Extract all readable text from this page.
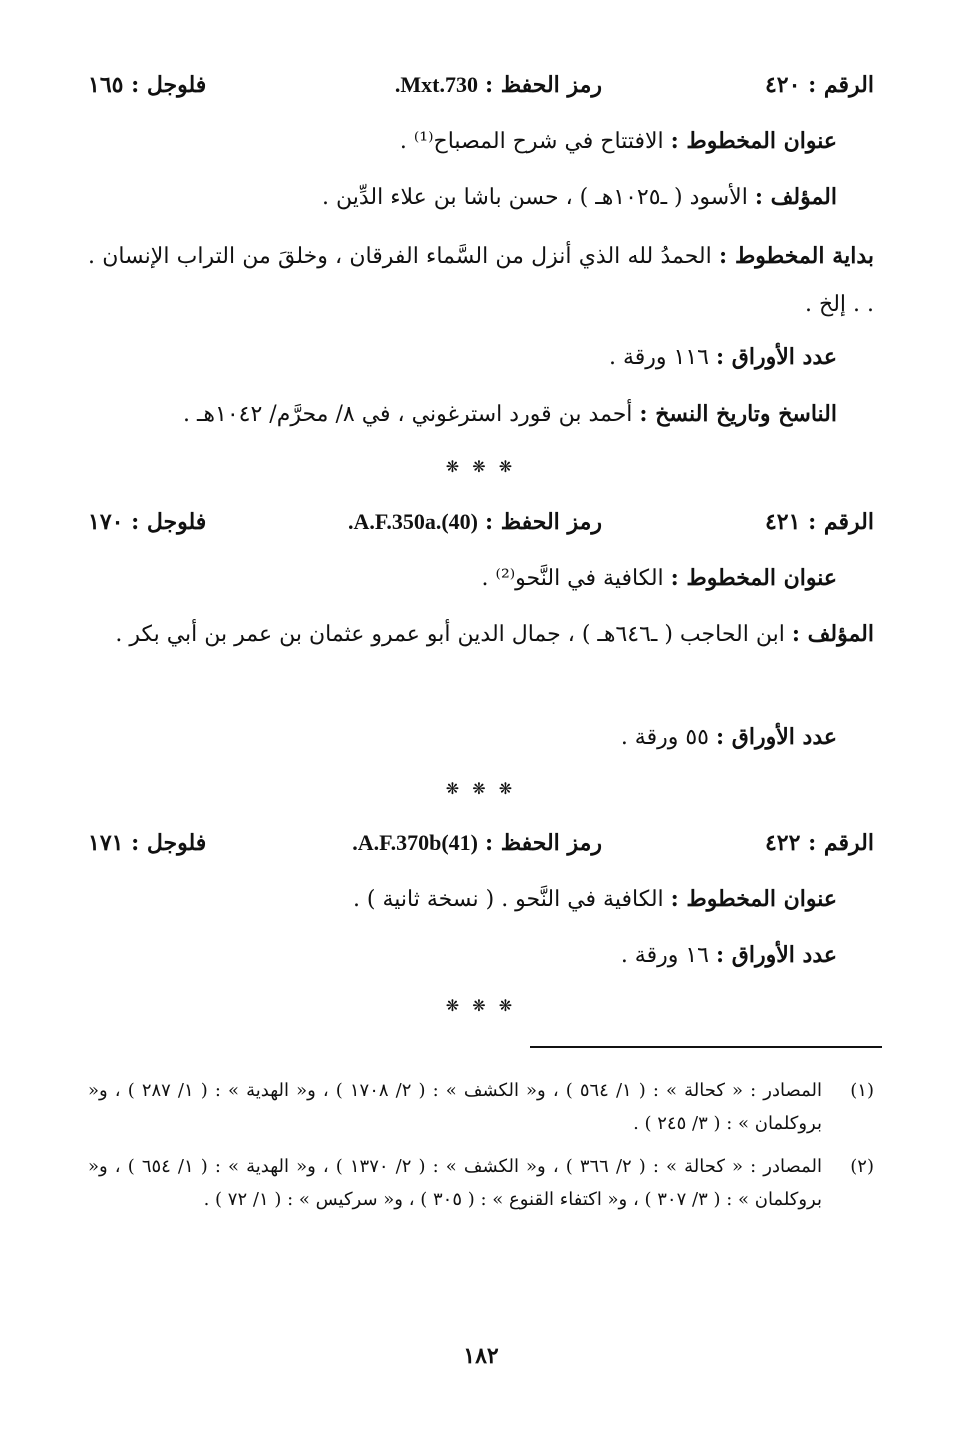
الرقم : ٤٢٠
رمز الحفظ : .Mxt.730
فلوجل : ١٦٥
عنوان المخطوط : الافتتاح في شرح المصباح⁽¹⁾ .
المؤلف : الأسود ( ـ١٠٢٥هـ ) ، حسن باشا بن علاء الدِّين .
بداية المخطوط : الحمدُ لله الذي أنزل من السَّماء الفرقان ، وخلقَ من التراب الإنسان . . . إلخ .
عدد الأوراق : ١١٦ ورقة .
الناسخ وتاريخ النسخ : أحمد بن قورد استرغوني ، في ٨/ محرَّم/ ١٠٤٢هـ .
❋ ❋ ❋
الرقم : ٤٢١
رمز الحفظ : .A.F.350a.(40)
فلوجل : ١٧٠
عنوان المخطوط : الكافية في النَّحو⁽²⁾ .
المؤلف : ابن الحاجب ( ـ٦٤٦هـ ) ، جمال الدين أبو عمرو عثمان بن عمر بن أبي بكر .
عدد الأوراق : ٥٥ ورقة .
❋ ❋ ❋
الرقم : ٤٢٢
رمز الحفظ : .A.F.370b(41)
فلوجل : ١٧١
عنوان المخطوط : الكافية في النَّحو . ( نسخة ثانية ) .
عدد الأوراق : ١٦ ورقة .
❋ ❋ ❋
(١)
المصادر : « كحالة » : ( ١/ ٥٦٤ ) ، و« الكشف » : ( ٢/ ١٧٠٨ ) ، و« الهدية » : ( ١/ ٢٨٧ ) ، و« بروكلمان » : ( ٣/ ٢٤٥ ) .
(٢)
المصادر : « كحالة » : ( ٢/ ٣٦٦ ) ، و« الكشف » : ( ٢/ ١٣٧٠ ) ، و« الهدية » : ( ١/ ٦٥٤ ) ، و« بروكلمان » : ( ٣/ ٣٠٧ ) ، و« اكتفاء القنوع » : ( ٣٠٥ ) ، و« سركيس » : ( ١/ ٧٢ ) .
١٨٢
